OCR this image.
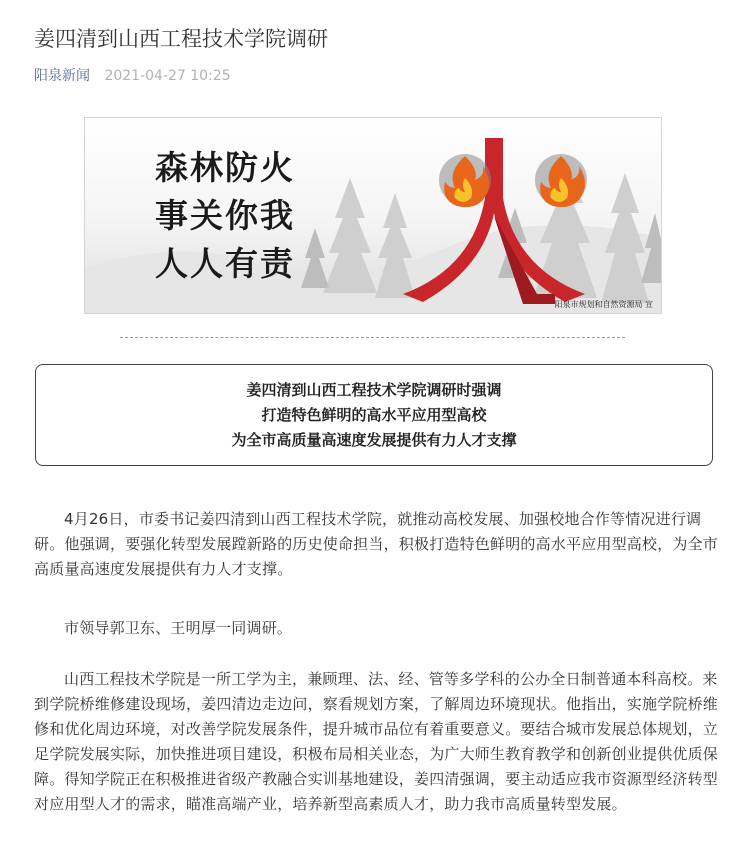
姜四清到山西工程技术学院调研
阳泉新闻 2021-04-27 10:25
森林防火
事关你我
人人有责
阳泉市规划和自然资源局 宣
姜四清到山西工程技术学院调研时强调
打造特色鲜明的高水平应用型高校
为全市高质量高速度发展提供有力人才支撑

4月26日，市委书记姜四清到山西工程技术学院，就推动高校发展、加强校地合作等情况进行调研。他强调，要强化转型发展蹚新路的历史使命担当，积极打造特色鲜明的高水平应用型高校，为全市高质量高速度发展提供有力人才支撑。

市领导郭卫东、王明厚一同调研。

山西工程技术学院是一所工学为主，兼顾理、法、经、管等多学科的公办全日制普通本科高校。来到学院桥维修建设现场，姜四清边走边问，察看规划方案，了解周边环境现状。他指出，实施学院桥维修和优化周边环境，对改善学院发展条件，提升城市品位有着重要意义。要结合城市发展总体规划，立足学院发展实际，加快推进项目建设，积极布局相关业态，为广大师生教育教学和创新创业提供优质保障。得知学院正在积极推进省级产教融合实训基地建设，姜四清强调，要主动适应我市资源型经济转型对应用型人才的需求，瞄准高端产业，培养新型高素质人才，助力我市高质量转型发展。
